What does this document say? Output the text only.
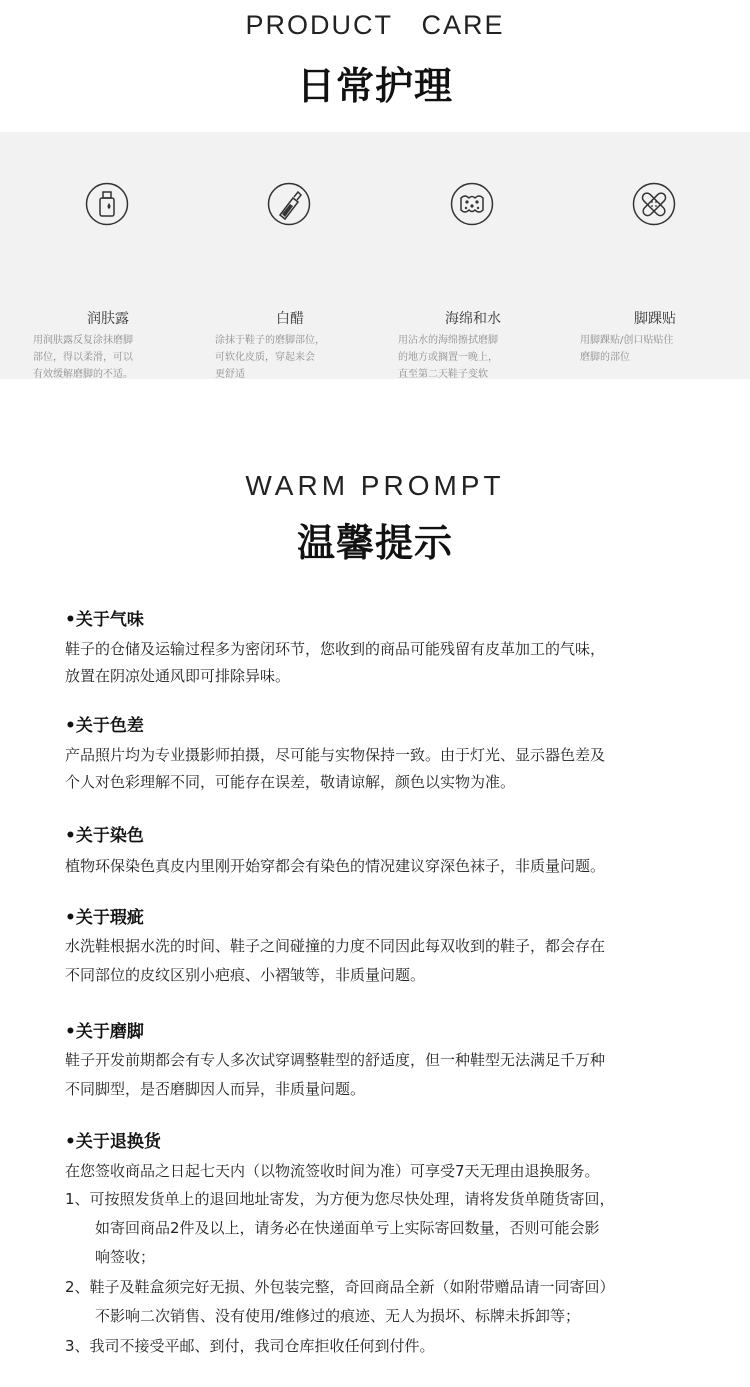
PRODUCT　CARE
日常护理
润肤露
用润肤露反复涂抹磨脚
部位，得以柔滑，可以
有效缓解磨脚的不适。
白醋
涂抹于鞋子的磨脚部位，
可软化皮质，穿起来会
更舒适
海绵和水
用沾水的海绵擦拭磨脚
的地方或搁置一晚上，
直至第二天鞋子变软
脚踝贴
用脚踝贴/创口贴贴住
磨脚的部位
WARM PROMPT
温馨提示
•关于气味
鞋子的仓储及运输过程多为密闭环节，您收到的商品可能残留有皮革加工的气味，
放置在阴凉处通风即可排除异味。
•关于色差
产品照片均为专业摄影师拍摄，尽可能与实物保持一致。由于灯光、显示器色差及
个人对色彩理解不同，可能存在误差，敬请谅解，颜色以实物为准。
•关于染色
植物环保染色真皮内里刚开始穿都会有染色的情况建议穿深色袜子，非质量问题。
•关于瑕疵
水洗鞋根据水洗的时间、鞋子之间碰撞的力度不同因此每双收到的鞋子，都会存在
不同部位的皮纹区别小疤痕、小褶皱等，非质量问题。
•关于磨脚
鞋子开发前期都会有专人多次试穿调整鞋型的舒适度，但一种鞋型无法满足千万种
不同脚型，是否磨脚因人而异，非质量问题。
•关于退换货
在您签收商品之日起七天内（以物流签收时间为准）可享受7天无理由退换服务。
1、可按照发货单上的退回地址寄发，为方便为您尽快处理，请将发货单随货寄回，
如寄回商品2件及以上，请务必在快递面单亏上实际寄回数量，否则可能会影
响签收；
2、鞋子及鞋盒须完好无损、外包装完整，奇回商品全新（如附带赠品请一同寄回）
不影响二次销售、没有使用/维修过的痕迹、无人为损坏、标牌未拆卸等；
3、我司不接受平邮、到付，我司仓库拒收任何到付件。
